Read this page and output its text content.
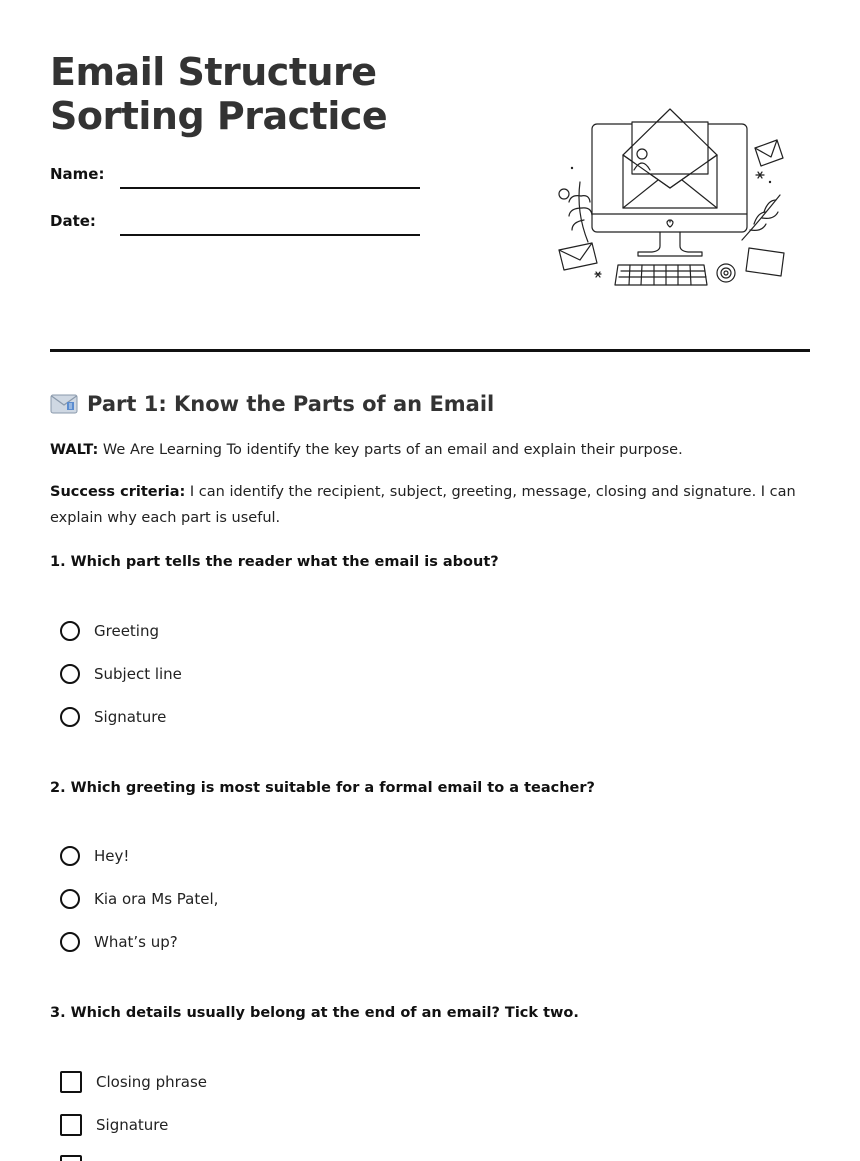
Email Structure Sorting Practice
Name:
Date:
Part 1: Know the Parts of an Email
WALT: We Are Learning To identify the key parts of an email and explain their purpose.
Success criteria: I can identify the recipient, subject, greeting, message, closing and signature. I can explain why each part is useful.
1. Which part tells the reader what the email is about?
Greeting
Subject line
Signature
2. Which greeting is most suitable for a formal email to a teacher?
Hey!
Kia ora Ms Patel,
What’s up?
3. Which details usually belong at the end of an email? Tick two.
Closing phrase
Signature
